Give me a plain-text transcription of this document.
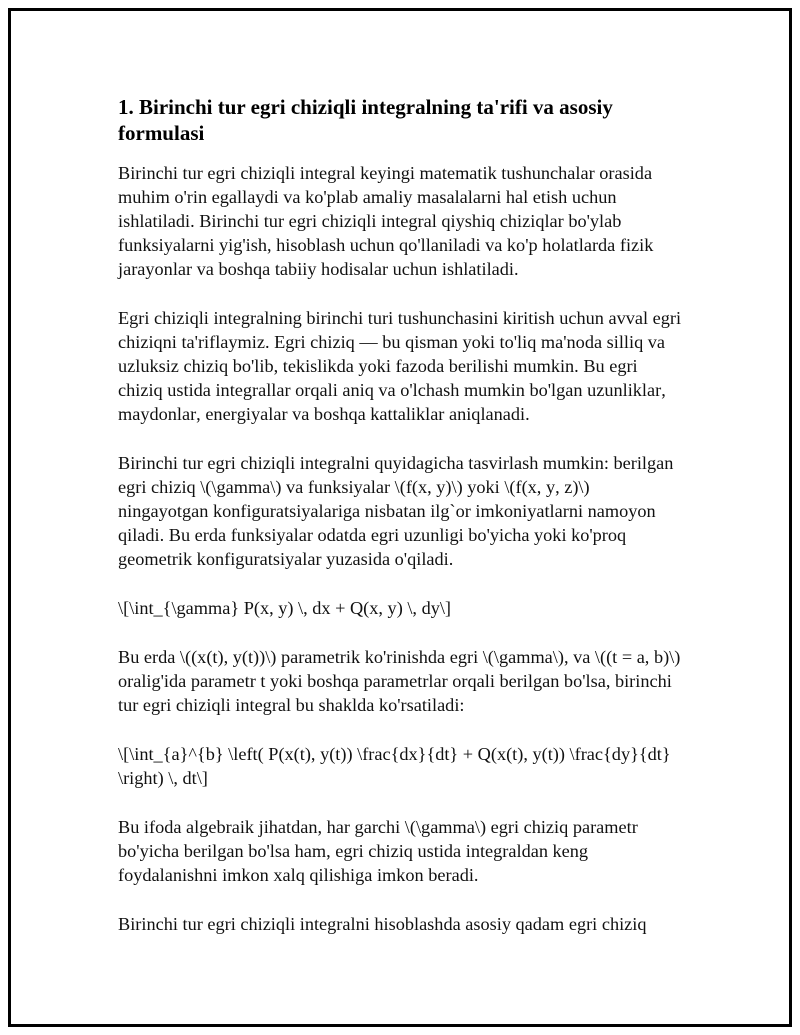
1. Birinchi tur egri chiziqli integralning ta'rifi va asosiy formulasi

Birinchi tur egri chiziqli integral keyingi matematik tushunchalar orasida
muhim o'rin egallaydi va ko'plab amaliy masalalarni hal etish uchun
ishlatiladi. Birinchi tur egri chiziqli integral qiyshiq chiziqlar bo'ylab
funksiyalarni yig'ish, hisoblash uchun qo'llaniladi va ko'p holatlarda fizik
jarayonlar va boshqa tabiiy hodisalar uchun ishlatiladi.

Egri chiziqli integralning birinchi turi tushunchasini kiritish uchun avval egri
chiziqni ta'riflaymiz. Egri chiziq — bu qisman yoki to'liq ma'noda silliq va
uzluksiz chiziq bo'lib, tekislikda yoki fazoda berilishi mumkin. Bu egri
chiziq ustida integrallar orqali aniq va o'lchash mumkin bo'lgan uzunliklar,
maydonlar, energiyalar va boshqa kattaliklar aniqlanadi.

Birinchi tur egri chiziqli integralni quyidagicha tasvirlash mumkin: berilgan
egri chiziq \(\gamma\) va funksiyalar \(f(x, y)\) yoki \(f(x, y, z)\)
ningayotgan konfiguratsiyalariga nisbatan ilg`or imkoniyatlarni namoyon
qiladi. Bu erda funksiyalar odatda egri uzunligi bo'yicha yoki ko'proq
geometrik konfiguratsiyalar yuzasida o'qiladi.

\[\int_{\gamma} P(x, y) \, dx + Q(x, y) \, dy\]

Bu erda \((x(t), y(t))\) parametrik ko'rinishda egri \(\gamma\), va \((t = a, b)\)
oralig'ida parametr t yoki boshqa parametrlar orqali berilgan bo'lsa, birinchi
tur egri chiziqli integral bu shaklda ko'rsatiladi:

\[\int_{a}^{b} \left( P(x(t), y(t)) \frac{dx}{dt} + Q(x(t), y(t)) \frac{dy}{dt}
\right) \, dt\]

Bu ifoda algebraik jihatdan, har garchi \(\gamma\) egri chiziq parametr
bo'yicha berilgan bo'lsa ham, egri chiziq ustida integraldan keng
foydalanishni imkon xalq qilishiga imkon beradi.

Birinchi tur egri chiziqli integralni hisoblashda asosiy qadam egri chiziq
